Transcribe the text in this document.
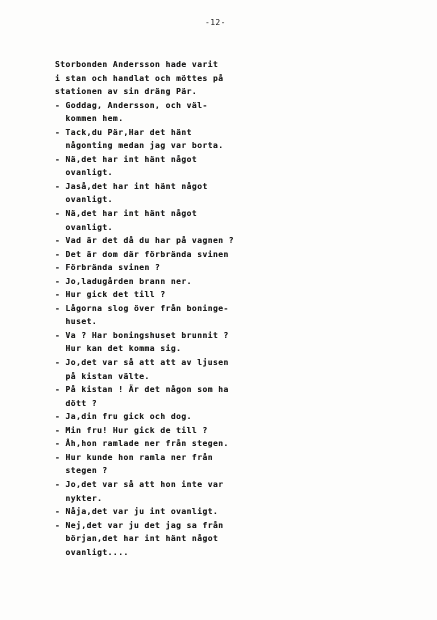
-12-
Storbonden Andersson hade varit
i stan och handlat och möttes på
stationen av sin dräng Pär.
- Goddag, Andersson, och väl-
kommen hem.
- Tack,du Pär,Har det hänt
någonting medan jag var borta.
- Nä,det har int hänt något
ovanligt.
- Jaså,det har int hänt något
ovanligt.
- Nä,det har int hänt något
ovanligt.
- Vad är det då du har på vagnen ?
- Det är dom där förbrända svinen
- Förbrända svinen ?
- Jo,ladugården brann ner.
- Hur gick det till ?
- Lågorna slog över från boninge-
huset.
- Va ? Har boningshuset brunnit ?
Hur kan det komma sig.
- Jo,det var så att att av ljusen
på kistan välte.
- På kistan ! Är det någon som ha
dött ?
- Ja,din fru gick och dog.
- Min fru! Hur gick de till ?
- Åh,hon ramlade ner från stegen.
- Hur kunde hon ramla ner från
stegen ?
- Jo,det var så att hon inte var
nykter.
- Nåja,det var ju int ovanligt.
- Nej,det var ju det jag sa från
början,det har int hänt något
ovanligt....
